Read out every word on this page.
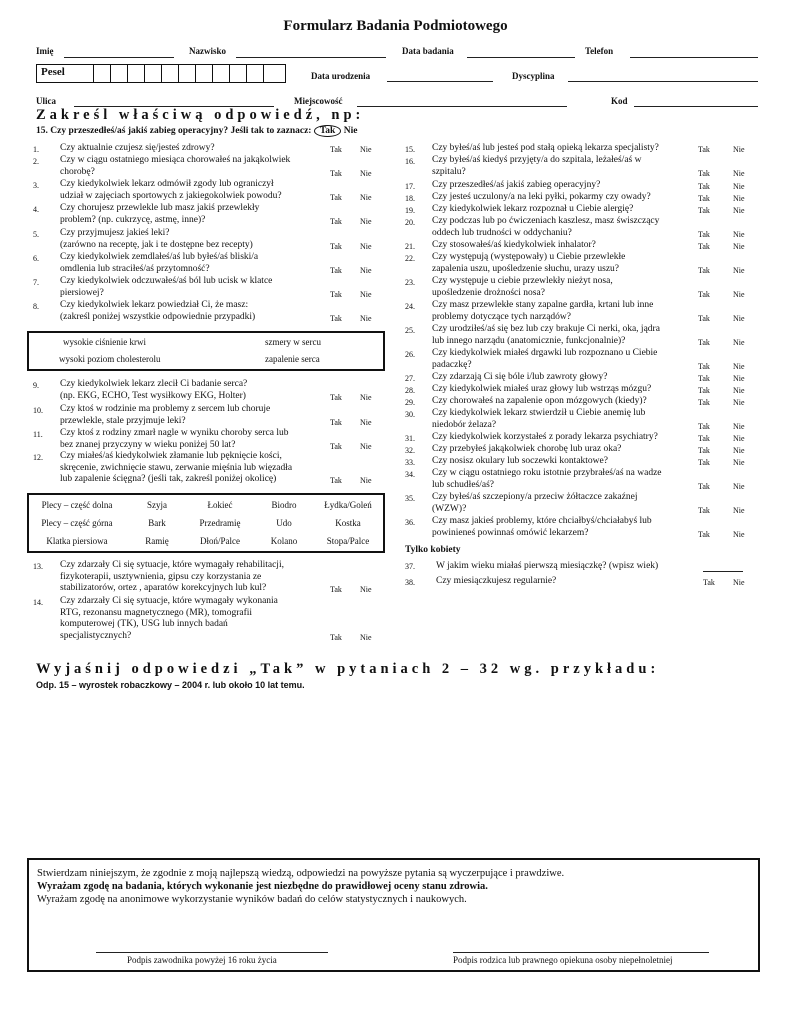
Formularz Badania Podmiotowego
Imię	Nazwisko	Data badania	Telefon
Pesel	Data urodzenia	Dyscyplina
Ulica	Miejscowość	Kod
Zakreśl właściwą odpowiedź, np:
15. Czy przeszedłeś/aś jakiś zabieg operacyjny? Jeśli tak to zaznacz: Tak Nie
1. Czy aktualnie czujesz się/jesteś zdrowy?	Tak Nie
2. Czy w ciągu ostatniego miesiąca chorowałeś na jakąkolwiek
chorobę?	Tak Nie
3. Czy kiedykolwiek lekarz odmówił zgody lub ograniczył
udział w zajęciach sportowych z jakiegokolwiek powodu?	Tak Nie
4. Czy chorujesz przewlekle lub masz jakiś przewlekły
problem? (np. cukrzycę, astmę, inne)?	Tak Nie
5. Czy przyjmujesz jakieś leki?
(zarówno na receptę, jak i te dostępne bez recepty)	Tak Nie
6. Czy kiedykolwiek zemdlałeś/aś lub byłeś/aś bliski/a
omdlenia lub straciłeś/aś przytomność?	Tak Nie
7. Czy kiedykolwiek odczuwałeś/aś ból lub ucisk w klatce
piersiowej?	Tak Nie
8. Czy kiedykolwiek lekarz powiedział Ci, że masz:
(zakreśl poniżej wszystkie odpowiednie przypadki)	Tak Nie
wysokie ciśnienie krwi	szmery w sercu
wysoki poziom cholesterolu	zapalenie serca
9. Czy kiedykolwiek lekarz zlecił Ci badanie serca?
(np. EKG, ECHO, Test wysiłkowy EKG, Holter)	Tak Nie
10. Czy ktoś w rodzinie ma problemy z sercem lub choruje
przewlekle, stale przyjmuje leki?	Tak Nie
11. Czy ktoś z rodziny zmarł nagle w wyniku choroby serca lub
bez znanej przyczyny w wieku poniżej 50 lat?	Tak Nie
12. Czy miałeś/aś kiedykolwiek złamanie lub pęknięcie kości,
skręcenie, zwichnięcie stawu, zerwanie mięśnia lub więzadła
lub zapalenie ścięgna? (jeśli tak, zakreśl poniżej okolicę)	Tak Nie
Plecy – część dolna	Szyja	Łokieć	Biodro	Łydka/Goleń
Plecy – część górna	Bark	Przedramię	Udo	Kostka
Klatka piersiowa	Ramię	Dłoń/Palce	Kolano	Stopa/Palce
13. Czy zdarzały Ci się sytuacje, które wymagały rehabilitacji,
fizykoterapii, usztywnienia, gipsu czy korzystania ze
stabilizatorów, ortez , aparatów korekcyjnych lub kul?	Tak Nie
14. Czy zdarzały Ci się sytuacje, które wymagały wykonania
RTG, rezonansu magnetycznego (MR), tomografii
komputerowej (TK), USG lub innych badań
specjalistycznych?	Tak Nie
15. Czy byłeś/aś lub jesteś pod stałą opieką lekarza specjalisty?	Tak	Nie
16. Czy byłeś/aś kiedyś przyjęty/a do szpitala, leżałeś/aś w
szpitalu?	Tak	Nie
17. Czy przeszedłeś/aś jakiś zabieg operacyjny?	Tak	Nie
18. Czy jesteś uczulony/a na leki pyłki, pokarmy czy owady?	Tak	Nie
19. Czy kiedykolwiek lekarz rozpoznał u Ciebie alergię?	Tak	Nie
20. Czy podczas lub po ćwiczeniach kaszlesz, masz świszczący
oddech lub trudności w oddychaniu?	Tak	Nie
21. Czy stosowałeś/aś kiedykolwiek inhalator?	Tak	Nie
22. Czy występują (występowały) u Ciebie przewlekłe
zapalenia uszu, upośledzenie słuchu, urazy uszu?	Tak	Nie
23. Czy występuje u ciebie przewlekły nieżyt nosa,
upośledzenie drożności nosa?	Tak	Nie
24. Czy masz przewlekłe stany zapalne gardła, krtani lub inne
problemy dotyczące tych narządów?	Tak	Nie
25. Czy urodziłeś/aś się bez lub czy brakuje Ci nerki, oka, jądra
lub innego narządu (anatomicznie, funkcjonalnie)?	Tak	Nie
26. Czy kiedykolwiek miałeś drgawki lub rozpoznano u Ciebie
padaczkę?	Tak	Nie
27. Czy zdarzają Ci się bóle i/lub zawroty głowy?	Tak	Nie
28. Czy kiedykolwiek miałeś uraz głowy lub wstrząs mózgu?	Tak	Nie
29. Czy chorowałeś na zapalenie opon mózgowych (kiedy)?	Tak	Nie
30. Czy kiedykolwiek lekarz stwierdził u Ciebie anemię lub
niedobór żelaza?	Tak	Nie
31. Czy kiedykolwiek korzystałeś z porady lekarza psychiatry?	Tak	Nie
32. Czy przebyłeś jakąkolwiek chorobę lub uraz oka?	Tak	Nie
33. Czy nosisz okulary lub soczewki kontaktowe?	Tak	Nie
34. Czy w ciągu ostatniego roku istotnie przybrałeś/aś na wadze
lub schudłeś/aś?	Tak	Nie
35. Czy byłeś/aś szczepiony/a przeciw żółtaczce zakaźnej
(WZW)?	Tak	Nie
36. Czy masz jakieś problemy, które chciałbyś/chciałabyś lub
powinieneś powinnaś omówić lekarzem?	Tak	Nie
Tylko kobiety
37. W jakim wieku miałaś pierwszą miesiączkę? (wpisz wiek)
38. Czy miesiączkujesz regularnie?	Tak Nie
Wyjaśnij odpowiedzi „Tak” w pytaniach 2 – 32 wg. przykładu:
Odp. 15 – wyrostek robaczkowy – 2004 r. lub około 10 lat temu.
Stwierdzam niniejszym, że zgodnie z moją najlepszą wiedzą, odpowiedzi na powyższe pytania są wyczerpujące i prawdziwe.
Wyrażam zgodę na badania, których wykonanie jest niezbędne do prawidłowej oceny stanu zdrowia.
Wyrażam zgodę na anonimowe wykorzystanie wyników badań do celów statystycznych i naukowych.
Podpis zawodnika powyżej 16 roku życia	Podpis rodzica lub prawnego opiekuna osoby niepełnoletniej
